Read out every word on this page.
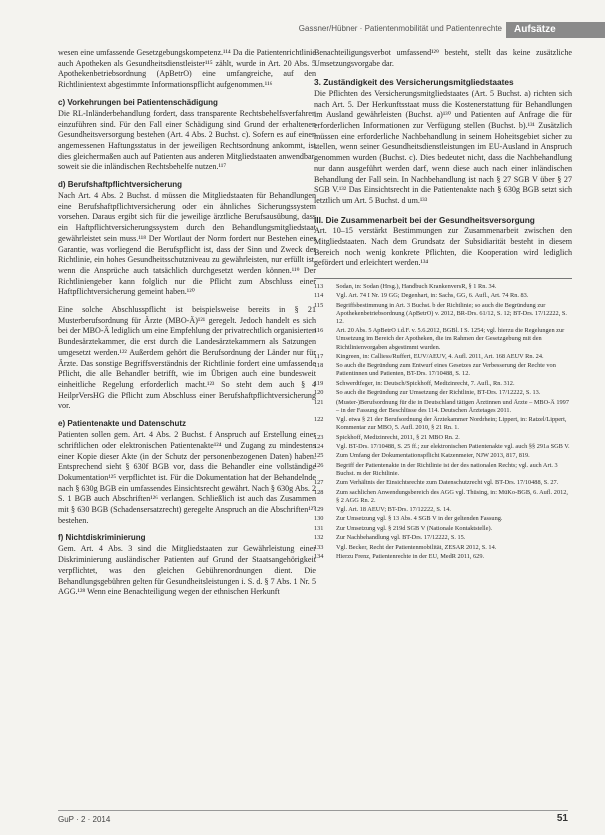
Gassner/Hübner · Patientenmobilität und Patientenrechte	Aufsätze

wesen eine umfassende Gesetzgebungskompetenz.¹¹⁴ Da die Patientenrichtlinie auch Apotheken als Gesundheitsdienstleister¹¹⁵ zählt, wurde in Art. 20 Abs. 5 Apothekenbetriebsordnung (ApBetrO) eine umfangreiche, auf den Richtlinientext abgestimmte Informationspflicht aufgenommen.¹¹⁶

c) Vorkehrungen bei Patientenschädigung

Die RL-Inländerbehandlung fordert, dass transparente Rechtsbehelfsverfahren einzuführen sind. Für den Fall einer Schädigung sind Grund der erhaltenen Gesundheitsversorgung bestehen (Art. 4 Abs. 2 Buchst. c). Sofern es auf einen angemessenen Haftungsstatus in der jeweiligen Rechtsordnung ankommt, ist dies gleichermaßen auch auf Patienten aus anderen Mitgliedstaaten anwendbar, soweit sie die inländischen Rechtsbehelfe nutzen.¹¹⁷

d) Berufshaftpflichtversicherung

Nach Art. 4 Abs. 2 Buchst. d müssen die Mitgliedstaaten für Behandlungen eine Berufshaftpflichtversicherung oder ein ähnliches Sicherungssystem vorsehen. Daraus ergibt sich für die jeweilige ärztliche Berufsausübung, dass ein Haftpflichtversicherungssystem durch den Behandlungsmitgliedstaat gewährleistet sein muss.¹¹⁸ Der Wortlaut der Norm fordert nur Bestehen einer Garantie, was vorliegend die Berufspflicht ist, dass der Sinn und Zweck der Richtlinie, ein hohes Gesundheitsschutzniveau zu gewährleisten, nur erfüllt ist, wenn die Ansprüche auch tatsächlich durchgesetzt werden können.¹¹⁹ Der Richtliniengeber kann folglich nur die Pflicht zum Abschluss einer Haftpflichtversicherung gemeint haben.¹²⁰

Eine solche Abschlusspflicht ist beispielsweise bereits in § 21 Musterberufsordnung für Ärzte (MBO-Ä)¹²¹ geregelt. Jedoch handelt es sich bei der MBO-Ä lediglich um eine Empfehlung der privatrechtlich organisierten Bundesärztekammer, die erst durch die Landesärztekammern als Satzungen umgesetzt werden.¹²² Außerdem gehört die Berufsordnung der Länder nur für Ärzte. Das sonstige Begriffsverständnis der Richtlinie fordert eine umfassende Pflicht, die alle Behandler betrifft, wie im Übrigen auch eine bundesweit einheitliche Regelung erforderlich macht.¹²³ So steht dem auch § 4 HeilprVersHG die Pflicht zum Abschluss einer Berufshaftpflichtversicherung vor.

e) Patientenakte und Datenschutz

Patienten sollen gem. Art. 4 Abs. 2 Buchst. f Anspruch auf Erstellung einer schriftlichen oder elektronischen Patientenakte¹²⁴ und Zugang zu mindestens einer Kopie dieser Akte (in der Schutz der personenbezogenen Daten) haben. Entsprechend sieht § 630f BGB vor, dass die Behandler eine vollständige Dokumentation¹²⁵ verpflichtet ist. Für die Dokumentation hat der Behandelnde nach § 630g BGB ein umfassendes Einsichtsrecht gewährt. Nach § 630g Abs. 2 S. 1 BGB auch Abschriften¹²⁶ verlangen. Schließlich ist auch das Zusammen mit § 630 BGB (Schadensersatzrecht) geregelte Anspruch an die Abschriften¹²⁷ bestehen.

f) Nichtdiskriminierung

Gem. Art. 4 Abs. 3 sind die Mitgliedstaaten zur Gewährleistung einer Diskriminierung ausländischer Patienten auf Grund der Staatsangehörigkeit verpflichtet, was den gleichen Gebührenordnungen dient. Die Behandlungsgebühren gelten für Gesundheitsleistungen i. S. d. § 7 Abs. 1 Nr. 5 AGG.¹²⁸ Wenn eine Benachteiligung wegen der ethnischen Herkunft

Benachteiligungsverbot umfassend¹²⁹ besteht, stellt das keine zusätzliche Umsetzungsvorgabe dar.

3. Zuständigkeit des Versicherungsmitgliedstaates

Die Pflichten des Versicherungsmitgliedstaates (Art. 5 Buchst. a) richten sich nach Art. 5. Der Herkunftsstaat muss die Kostenerstattung für Behandlungen im Ausland gewährleisten (Buchst. a)¹³⁰ und Patienten auf Anfrage die für erforderlichen Informationen zur Verfügung stellen (Buchst. b).¹³¹ Zusätzlich müssen eine erforderliche Nachbehandlung in seinem Hoheitsgebiet sicher zu stellen, wenn seiner Gesundheitsdienstleistungen im EU-Ausland in Anspruch genommen wurden (Buchst. c). Dies bedeutet nicht, dass die Nachbehandlung nur dann ausgeführt werden darf, wenn diese auch nach einer inländischen Behandlung der Fall sein. In Nachbehandlung ist nach § 27 SGB V über § 27 SGB V.¹³² Das Einsichtsrecht in die Patientenakte nach § 630g BGB setzt sich letztlich um Art. 5 Buchst. d um.¹³³

III. Die Zusammenarbeit bei der Gesundheitsversorgung

Art. 10–15 verstärkt Bestimmungen zur Zusammenarbeit zwischen den Mitgliedstaaten. Nach dem Grundsatz der Subsidiarität besteht in diesem Bereich noch wenig konkrete Pflichten, die Kooperation wird lediglich gefördert und erleichtert werden.¹³⁴

113	Sodan, in: Sodan (Hrsg.), Handbuch KrankenversR, § 1 Rn. 34.
114	Vgl. Art. 74 I Nr. 19 GG; Degenhart, in: Sachs, GG, 6. Aufl., Art. 74 Rn. 83.
115	Begriffsbestimmung in Art. 3 Buchst. b der Richtlinie; so auch die Begründung zur Apothekenbetriebsordnung (ApBetrO) v. 2012, BR-Drs. 61/12, S. 12; BT-Drs. 17/12222, S. 12.
116	Art. 20 Abs. 5 ApBetrO i.d.F. v. 5.6.2012, BGBl. I S. 1254; vgl. hierzu die Regelungen zur Umsetzung im Bereich der Apotheken, die im Rahmen der Gesetzgebung mit den Richtlinienvorgaben abgestimmt wurden.
117	Kingreen, in: Calliess/Ruffert, EUV/AEUV, 4. Aufl. 2011, Art. 168 AEUV Rn. 24.
118	So auch die Begründung zum Entwurf eines Gesetzes zur Verbesserung der Rechte von Patientinnen und Patienten, BT-Drs. 17/10488, S. 12.
119	Schwerdtfeger, in: Deutsch/Spickhoff, Medizinrecht, 7. Aufl., Rn. 312.
120	So auch die Begründung zur Umsetzung der Richtlinie, BT-Drs. 17/12222, S. 13.
121	(Muster-)Berufsordnung für die in Deutschland tätigen Ärztinnen und Ärzte – MBO-Ä 1997 – in der Fassung der Beschlüsse des 114. Deutschen Ärztetages 2011.
122	Vgl. etwa § 21 der Berufsordnung der Ärztekammer Nordrhein; Lippert, in: Ratzel/Lippert, Kommentar zur MBO, 5. Aufl. 2010, § 21 Rn. 1.
123	Spickhoff, Medizinrecht, 2011, § 21 MBO Rn. 2.
124	Vgl. BT-Drs. 17/10488, S. 25 ff.; zur elektronischen Patientenakte vgl. auch §§ 291a SGB V.
125	Zum Umfang der Dokumentationspflicht Katzenmeier, NJW 2013, 817, 819.
126	Begriff der Patientenakte in der Richtlinie ist der des nationalen Rechts; vgl. auch Art. 3 Buchst. m der Richtlinie.
127	Zum Verhältnis der Einsichtsrechte zum Datenschutzrecht vgl. BT-Drs. 17/10488, S. 27.
128	Zum sachlichen Anwendungsbereich des AGG vgl. Thüsing, in: MüKo-BGB, 6. Aufl. 2012, § 2 AGG Rn. 2.
129	Vgl. Art. 18 AEUV; BT-Drs. 17/12222, S. 14.
130	Zur Umsetzung vgl. § 13 Abs. 4 SGB V in der geltenden Fassung.
131	Zur Umsetzung vgl. § 219d SGB V (Nationale Kontaktstelle).
132	Zur Nachbehandlung vgl. BT-Drs. 17/12222, S. 15.
133	Vgl. Becker, Recht der Patientenmobilität, ZESAR 2012, S. 14.
134	Hierzu Frenz, Patientenrechte in der EU, MedR 2011, 629.
GuP · 2 · 2014	51
